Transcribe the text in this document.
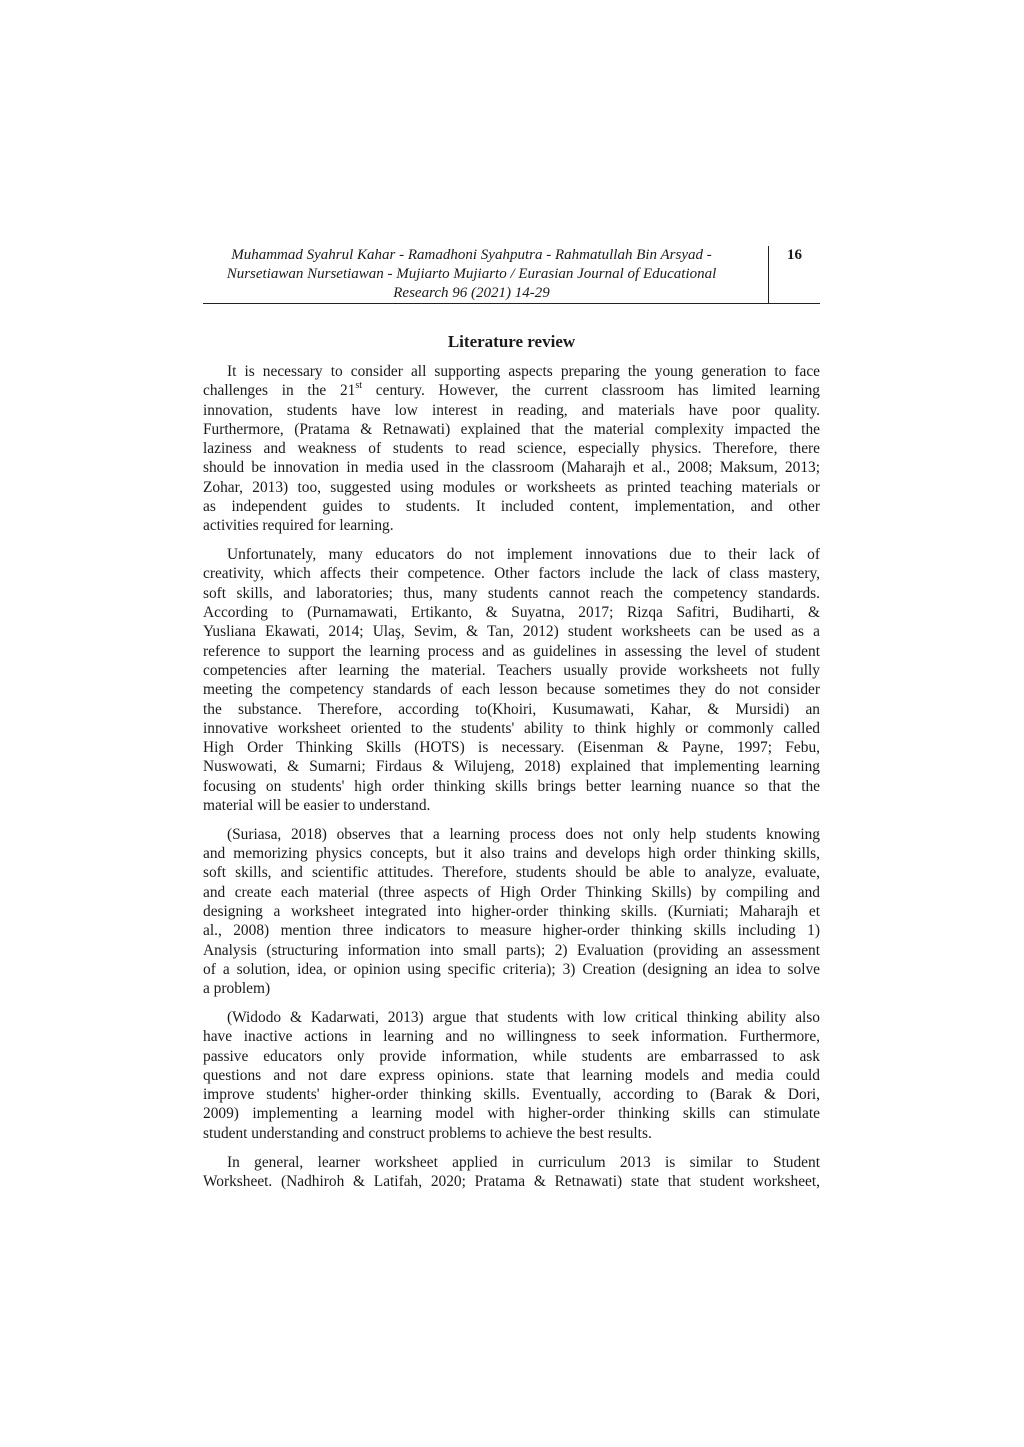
Muhammad Syahrul Kahar - Ramadhoni Syahputra - Rahmatullah Bin Arsyad -
Nursetiawan Nursetiawan - Mujiarto Mujiarto / Eurasian Journal of Educational
Research 96 (2021) 14-29
16
Literature review
It is necessary to consider all supporting aspects preparing the young generation to face
challenges in the 21st century. However, the current classroom has limited learning
innovation, students have low interest in reading, and materials have poor quality.
Furthermore, (Pratama & Retnawati) explained that the material complexity impacted the
laziness and weakness of students to read science, especially physics. Therefore, there
should be innovation in media used in the classroom (Maharajh et al., 2008; Maksum, 2013;
Zohar, 2013) too, suggested using modules or worksheets as printed teaching materials or
as independent guides to students. It included content, implementation, and other
activities required for learning.
Unfortunately, many educators do not implement innovations due to their lack of
creativity, which affects their competence. Other factors include the lack of class mastery,
soft skills, and laboratories; thus, many students cannot reach the competency standards.
According to (Purnamawati, Ertikanto, & Suyatna, 2017; Rizqa Safitri, Budiharti, &
Yusliana Ekawati, 2014; Ulaş, Sevim, & Tan, 2012) student worksheets can be used as a
reference to support the learning process and as guidelines in assessing the level of student
competencies after learning the material. Teachers usually provide worksheets not fully
meeting the competency standards of each lesson because sometimes they do not consider
the substance. Therefore, according to(Khoiri, Kusumawati, Kahar, & Mursidi) an
innovative worksheet oriented to the students' ability to think highly or commonly called
High Order Thinking Skills (HOTS) is necessary. (Eisenman & Payne, 1997; Febu,
Nuswowati, & Sumarni; Firdaus & Wilujeng, 2018) explained that implementing learning
focusing on students' high order thinking skills brings better learning nuance so that the
material will be easier to understand.
(Suriasa, 2018) observes that a learning process does not only help students knowing
and memorizing physics concepts, but it also trains and develops high order thinking skills,
soft skills, and scientific attitudes. Therefore, students should be able to analyze, evaluate,
and create each material (three aspects of High Order Thinking Skills) by compiling and
designing a worksheet integrated into higher-order thinking skills. (Kurniati; Maharajh et
al., 2008) mention three indicators to measure higher-order thinking skills including 1)
Analysis (structuring information into small parts); 2) Evaluation (providing an assessment
of a solution, idea, or opinion using specific criteria); 3) Creation (designing an idea to solve
a problem)
(Widodo & Kadarwati, 2013) argue that students with low critical thinking ability also
have inactive actions in learning and no willingness to seek information. Furthermore,
passive educators only provide information, while students are embarrassed to ask
questions and not dare express opinions. state that learning models and media could
improve students' higher-order thinking skills. Eventually, according to (Barak & Dori,
2009) implementing a learning model with higher-order thinking skills can stimulate
student understanding and construct problems to achieve the best results.
In general, learner worksheet applied in curriculum 2013 is similar to Student
Worksheet. (Nadhiroh & Latifah, 2020; Pratama & Retnawati) state that student worksheet,
